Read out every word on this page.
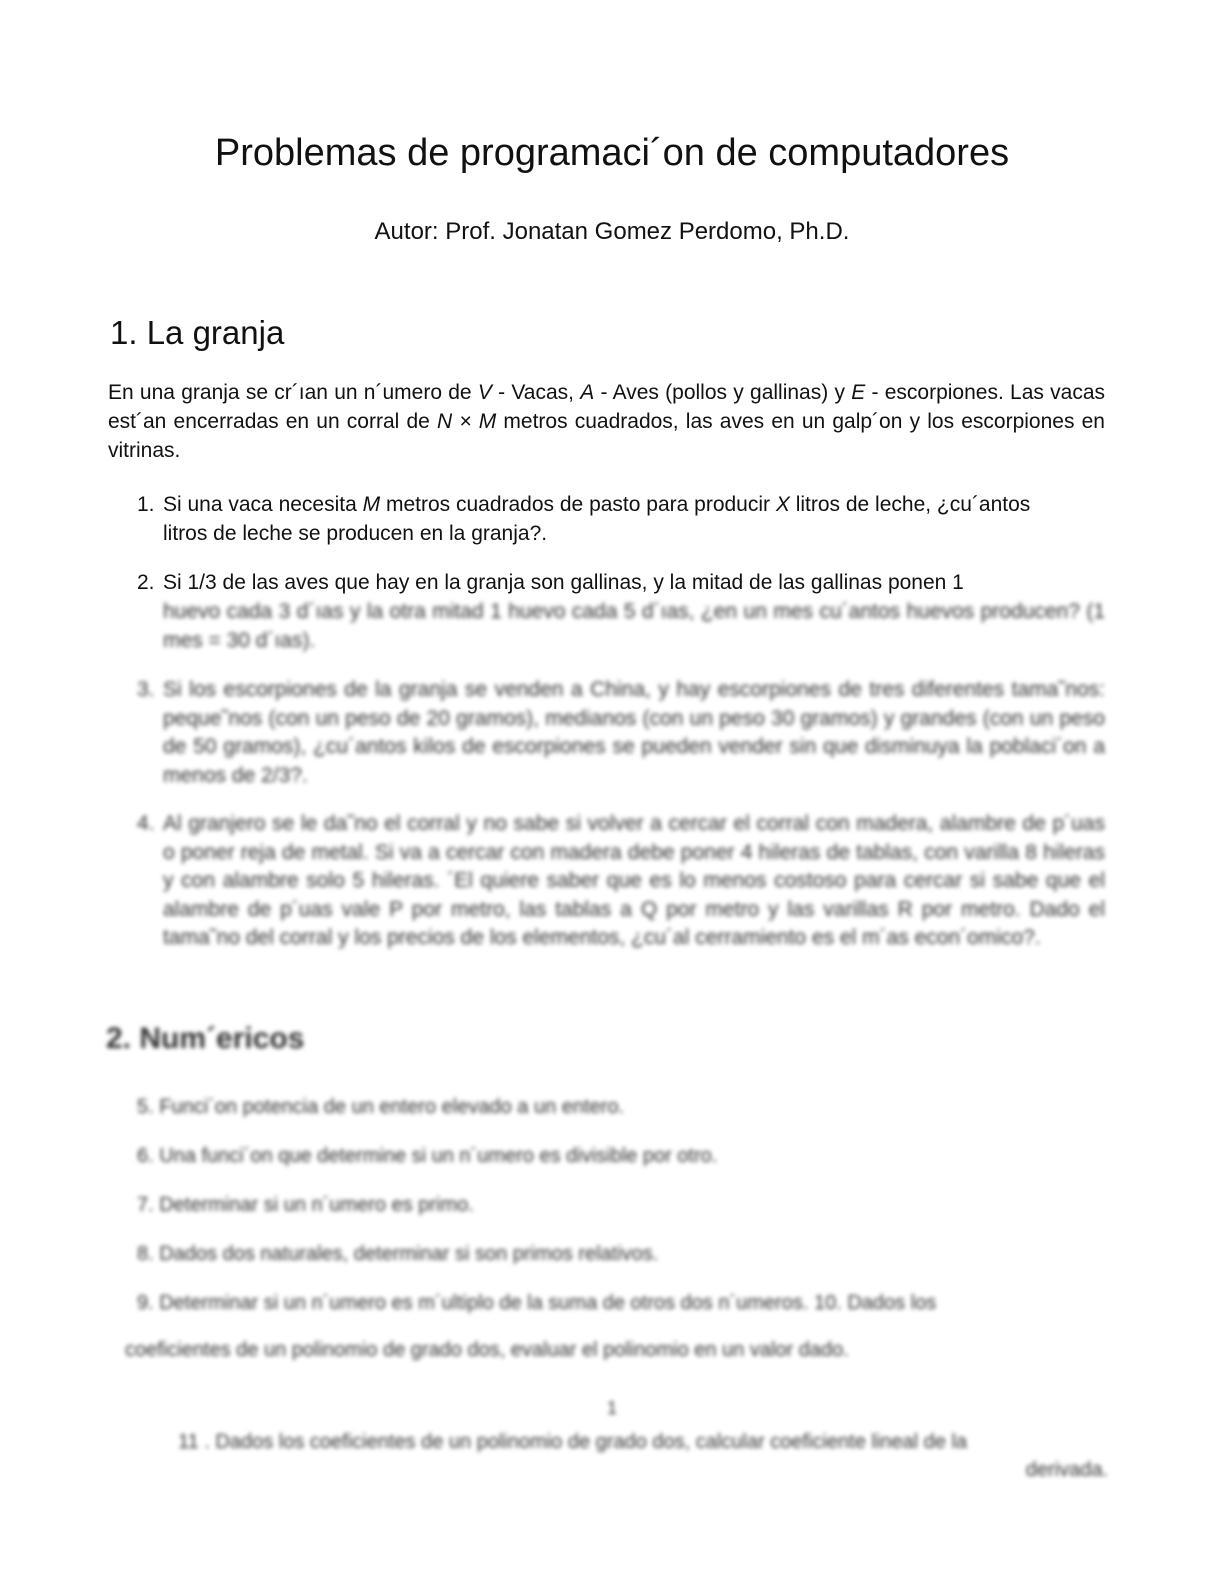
Problemas de programaci´on de computadores
Autor: Prof. Jonatan Gomez Perdomo, Ph.D.
1. La granja
En una granja se cr´ıan un n´umero de V - Vacas, A - Aves (pollos y gallinas) y E - escorpiones. Las vacas est´an encerradas en un corral de N × M metros cuadrados, las aves en un galp´on y los escorpiones en vitrinas.
1. Si una vaca necesita M metros cuadrados de pasto para producir X litros de leche, ¿cu´antos litros de leche se producen en la granja?.
2. Si 1/3 de las aves que hay en la granja son gallinas, y la mitad de las gallinas ponen 1
huevo cada 3 d´ıas y la otra mitad 1 huevo cada 5 d´ıas, ¿en un mes cu´antos huevos producen? (1 mes = 30 d´ıas).
3. Si los escorpiones de la granja se venden a China, y hay escorpiones de tres diferentes tama˜nos: peque˜nos (con un peso de 20 gramos), medianos (con un peso 30 gramos) y grandes (con un peso de 50 gramos), ¿cu´antos kilos de escorpiones se pueden vender sin que disminuya la poblaci´on a menos de 2/3?.
4. Al granjero se le da˜no el corral y no sabe si volver a cercar el corral con madera, alambre de p´uas o poner reja de metal. Si va a cercar con madera debe poner 4 hileras de tablas, con varilla 8 hileras y con alambre solo 5 hileras. ´El quiere saber que es lo menos costoso para cercar si sabe que el alambre de p´uas vale P por metro, las tablas a Q por metro y las varillas R por metro. Dado el tama˜no del corral y los precios de los elementos, ¿cu´al cerramiento es el m´as econ´omico?.
2. Num´ericos
5. Funci´on potencia de un entero elevado a un entero.
6. Una funci´on que determine si un n´umero es divisible por otro.
7. Determinar si un n´umero es primo.
8. Dados dos naturales, determinar si son primos relativos.
9. Determinar si un n´umero es m´ultiplo de la suma de otros dos n´umeros. 10. Dados los
coeficientes de un polinomio de grado dos, evaluar el polinomio en un valor dado.
1
11 . Dados los coeficientes de un polinomio de grado dos, calcular coeficiente lineal de la
derivada.
